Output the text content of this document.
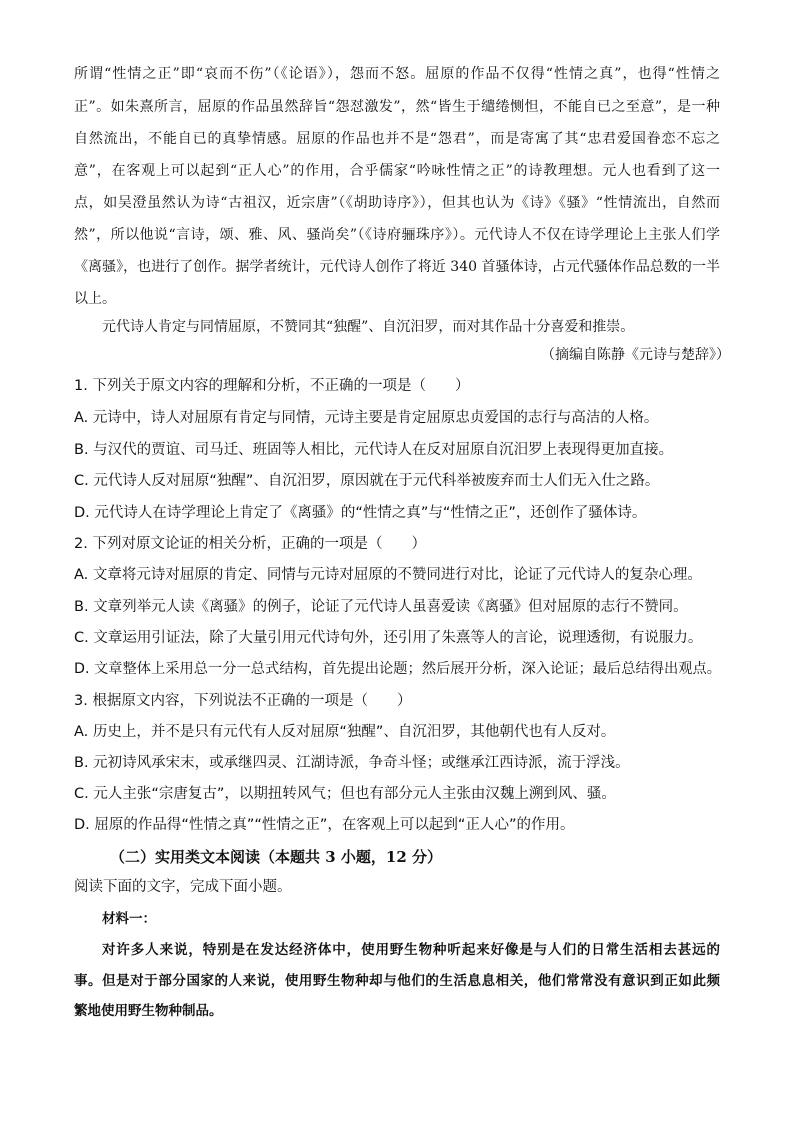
所谓“性情之正”即“哀而不伤”（《论语》），怨而不怒。屈原的作品不仅得“性情之真”，也得“性情之
正”。如朱熹所言，屈原的作品虽然辞旨“怨怼激发”，然“皆生于缱绻恻怛，不能自已之至意”，是一种
自然流出，不能自已的真挚情感。屈原的作品也并不是“怨君”，而是寄寓了其“忠君爱国眷恋不忘之
意”，在客观上可以起到“正人心”的作用，合乎儒家“吟咏性情之正”的诗教理想。元人也看到了这一
点，如吴澄虽然认为诗“古祖汉，近宗唐”（《胡助诗序》），但其也认为《诗》《骚》“性情流出，自然而
然”，所以他说“言诗，颂、雅、风、骚尚矣”（《诗府骊珠序》）。元代诗人不仅在诗学理论上主张人们学
《离骚》，也进行了创作。据学者统计，元代诗人创作了将近 340 首骚体诗，占元代骚体作品总数的一半
以上。
元代诗人肯定与同情屈原，不赞同其“独醒”、自沉汨罗，而对其作品十分喜爱和推崇。
（摘编自陈静《元诗与楚辞》）
1. 下列关于原文内容的理解和分析，不正确的一项是（　　）
A. 元诗中，诗人对屈原有肯定与同情，元诗主要是肯定屈原忠贞爱国的志行与高洁的人格。
B. 与汉代的贾谊、司马迁、班固等人相比，元代诗人在反对屈原自沉汨罗上表现得更加直接。
C. 元代诗人反对屈原“独醒”、自沉汨罗，原因就在于元代科举被废弃而士人们无入仕之路。
D. 元代诗人在诗学理论上肯定了《离骚》的“性情之真”与“性情之正”，还创作了骚体诗。
2. 下列对原文论证的相关分析，正确的一项是（　　）
A. 文章将元诗对屈原的肯定、同情与元诗对屈原的不赞同进行对比，论证了元代诗人的复杂心理。
B. 文章列举元人读《离骚》的例子，论证了元代诗人虽喜爱读《离骚》但对屈原的志行不赞同。
C. 文章运用引证法，除了大量引用元代诗句外，还引用了朱熹等人的言论，说理透彻，有说服力。
D. 文章整体上采用总一分一总式结构，首先提出论题；然后展开分析，深入论证；最后总结得出观点。
3. 根据原文内容，下列说法不正确的一项是（　　）
A. 历史上，并不是只有元代有人反对屈原“独醒”、自沉汨罗，其他朝代也有人反对。
B. 元初诗风承宋末，或承继四灵、江湖诗派，争奇斗怪；或继承江西诗派，流于浮浅。
C. 元人主张“宗唐复古”，以期扭转风气；但也有部分元人主张由汉魏上溯到风、骚。
D. 屈原的作品得“性情之真”“性情之正”，在客观上可以起到“正人心”的作用。
（二）实用类文本阅读（本题共 3 小题，12 分）
阅读下面的文字，完成下面小题。
材料一：
对许多人来说，特别是在发达经济体中，使用野生物种听起来好像是与人们的日常生活相去甚远的
事。但是对于部分国家的人来说，使用野生物种却与他们的生活息息相关，他们常常没有意识到正如此频
繁地使用野生物种制品。
